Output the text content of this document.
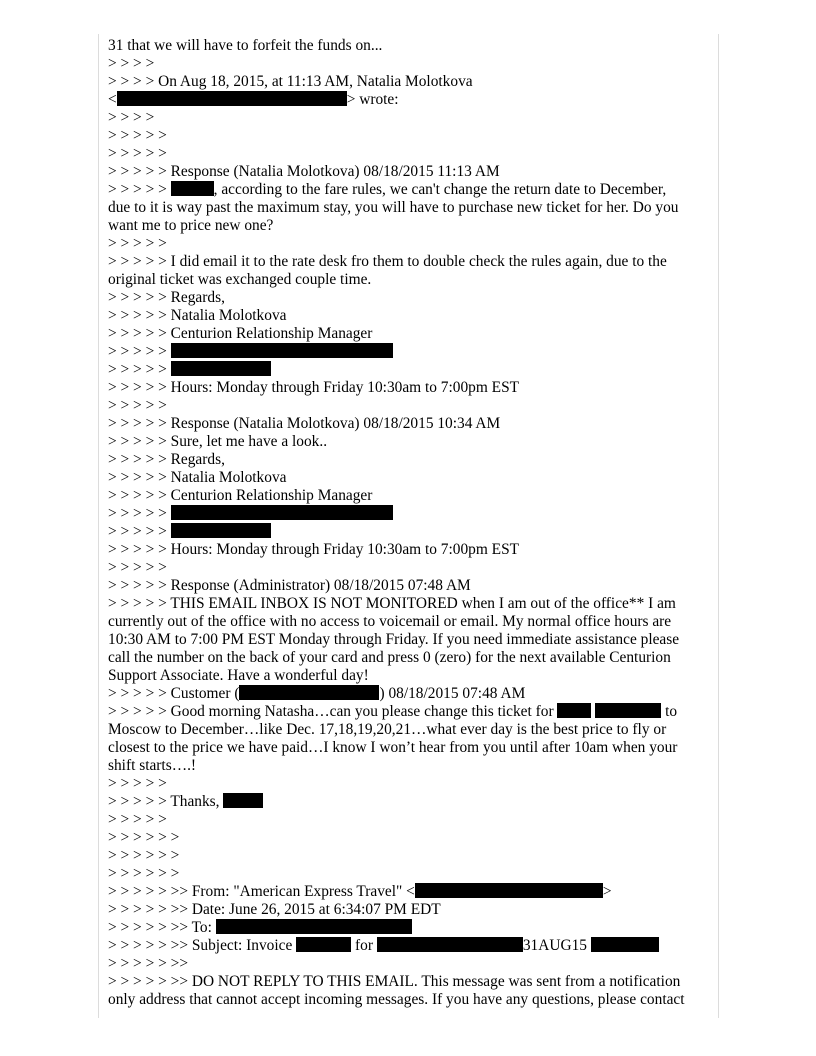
31 that we will have to forfeit the funds on...
> > > >
> > > > On Aug 18, 2015, at 11:13 AM, Natalia Molotkova
<	> wrote:
> > > >
> > > > >
> > > > >
> > > > > Response (Natalia Molotkova) 08/18/2015 11:13 AM
> > > > >	, according to the fare rules, we can't change the return date to December,
due to it is way past the maximum stay, you will have to purchase new ticket for her. Do you
want me to price new one?
> > > > >
> > > > > I did email it to the rate desk fro them to double check the rules again, due to the
original ticket was exchanged couple time.
> > > > > Regards,
> > > > > Natalia Molotkova
> > > > > Centurion Relationship Manager
> > > > >
> > > > >
> > > > > Hours: Monday through Friday 10:30am to 7:00pm EST
> > > > >
> > > > > Response (Natalia Molotkova) 08/18/2015 10:34 AM
> > > > > Sure, let me have a look..
> > > > > Regards,
> > > > > Natalia Molotkova
> > > > > Centurion Relationship Manager
> > > > >
> > > > >
> > > > > Hours: Monday through Friday 10:30am to 7:00pm EST
> > > > >
> > > > > Response (Administrator) 08/18/2015 07:48 AM
> > > > > THIS EMAIL INBOX IS NOT MONITORED when I am out of the office** I am
currently out of the office with no access to voicemail or email. My normal office hours are
10:30 AM to 7:00 PM EST Monday through Friday. If you need immediate assistance please
call the number on the back of your card and press 0 (zero) for the next available Centurion
Support Associate. Have a wonderful day!
> > > > > Customer (	) 08/18/2015 07:48 AM
> > > > > Good morning Natasha…can you please change this ticket for	to
Moscow to December…like Dec. 17,18,19,20,21…what ever day is the best price to fly or
closest to the price we have paid…I know I won’t hear from you until after 10am when your
shift starts….!
> > > > >
> > > > > Thanks,
> > > > >
> > > > > >
> > > > > >
> > > > > >
> > > > > >> From: "American Express Travel" <	>
> > > > > >> Date: June 26, 2015 at 6:34:07 PM EDT
> > > > > >> To:
> > > > > >> Subject: Invoice	for	31AUG15
> > > > > >>
> > > > > >> DO NOT REPLY TO THIS EMAIL. This message was sent from a notification
only address that cannot accept incoming messages. If you have any questions, please contact
